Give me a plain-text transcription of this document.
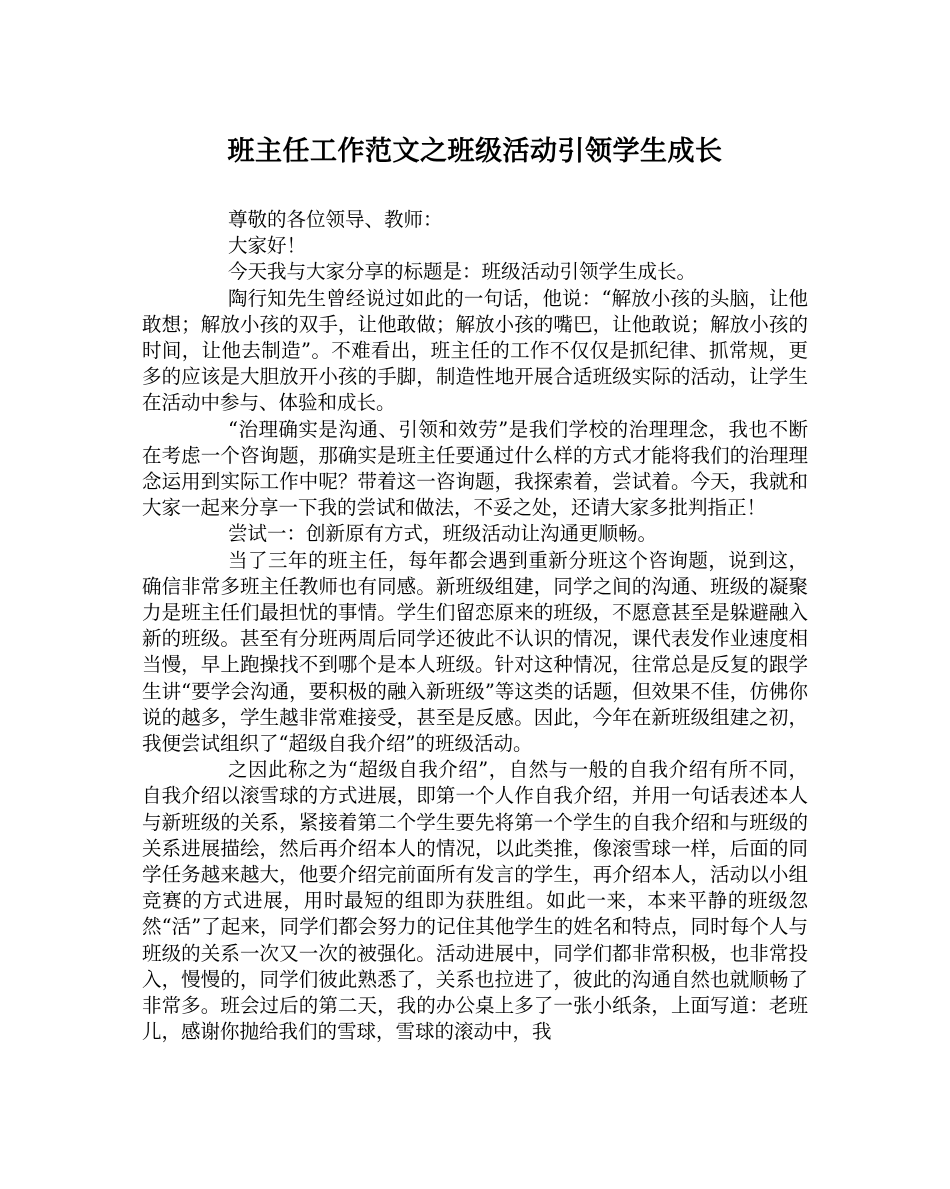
班主任工作范文之班级活动引领学生成长

尊敬的各位领导、教师：

大家好！

今天我与大家分享的标题是：班级活动引领学生成长。

陶行知先生曾经说过如此的一句话，他说：“解放小孩的头脑，让他敢想；解放小孩的双手，让他敢做；解放小孩的嘴巴，让他敢说；解放小孩的时间，让他去制造”。不难看出，班主任的工作不仅仅是抓纪律、抓常规，更多的应该是大胆放开小孩的手脚，制造性地开展合适班级实际的活动，让学生在活动中参与、体验和成长。

“治理确实是沟通、引领和效劳”是我们学校的治理理念，我也不断在考虑一个咨询题，那确实是班主任要通过什么样的方式才能将我们的治理理念运用到实际工作中呢？带着这一咨询题，我探索着，尝试着。今天，我就和大家一起来分享一下我的尝试和做法，不妥之处，还请大家多批判指正！

尝试一：创新原有方式，班级活动让沟通更顺畅。

当了三年的班主任，每年都会遇到重新分班这个咨询题，说到这，确信非常多班主任教师也有同感。新班级组建，同学之间的沟通、班级的凝聚力是班主任们最担忧的事情。学生们留恋原来的班级，不愿意甚至是躲避融入新的班级。甚至有分班两周后同学还彼此不认识的情况，课代表发作业速度相当慢，早上跑操找不到哪个是本人班级。针对这种情况，往常总是反复的跟学生讲“要学会沟通，要积极的融入新班级”等这类的话题，但效果不佳，仿佛你说的越多，学生越非常难接受，甚至是反感。因此，今年在新班级组建之初，我便尝试组织了“超级自我介绍”的班级活动。

之因此称之为“超级自我介绍”，自然与一般的自我介绍有所不同，自我介绍以滚雪球的方式进展，即第一个人作自我介绍，并用一句话表述本人与新班级的关系，紧接着第二个学生要先将第一个学生的自我介绍和与班级的关系进展描绘，然后再介绍本人的情况，以此类推，像滚雪球一样，后面的同学任务越来越大，他要介绍完前面所有发言的学生，再介绍本人，活动以小组竞赛的方式进展，用时最短的组即为获胜组。如此一来，本来平静的班级忽然“活”了起来，同学们都会努力的记住其他学生的姓名和特点，同时每个人与班级的关系一次又一次的被强化。活动进展中，同学们都非常积极，也非常投入，慢慢的，同学们彼此熟悉了，关系也拉进了，彼此的沟通自然也就顺畅了非常多。班会过后的第二天，我的办公桌上多了一张小纸条，上面写道：老班儿，感谢你抛给我们的雪球，雪球的滚动中，我
